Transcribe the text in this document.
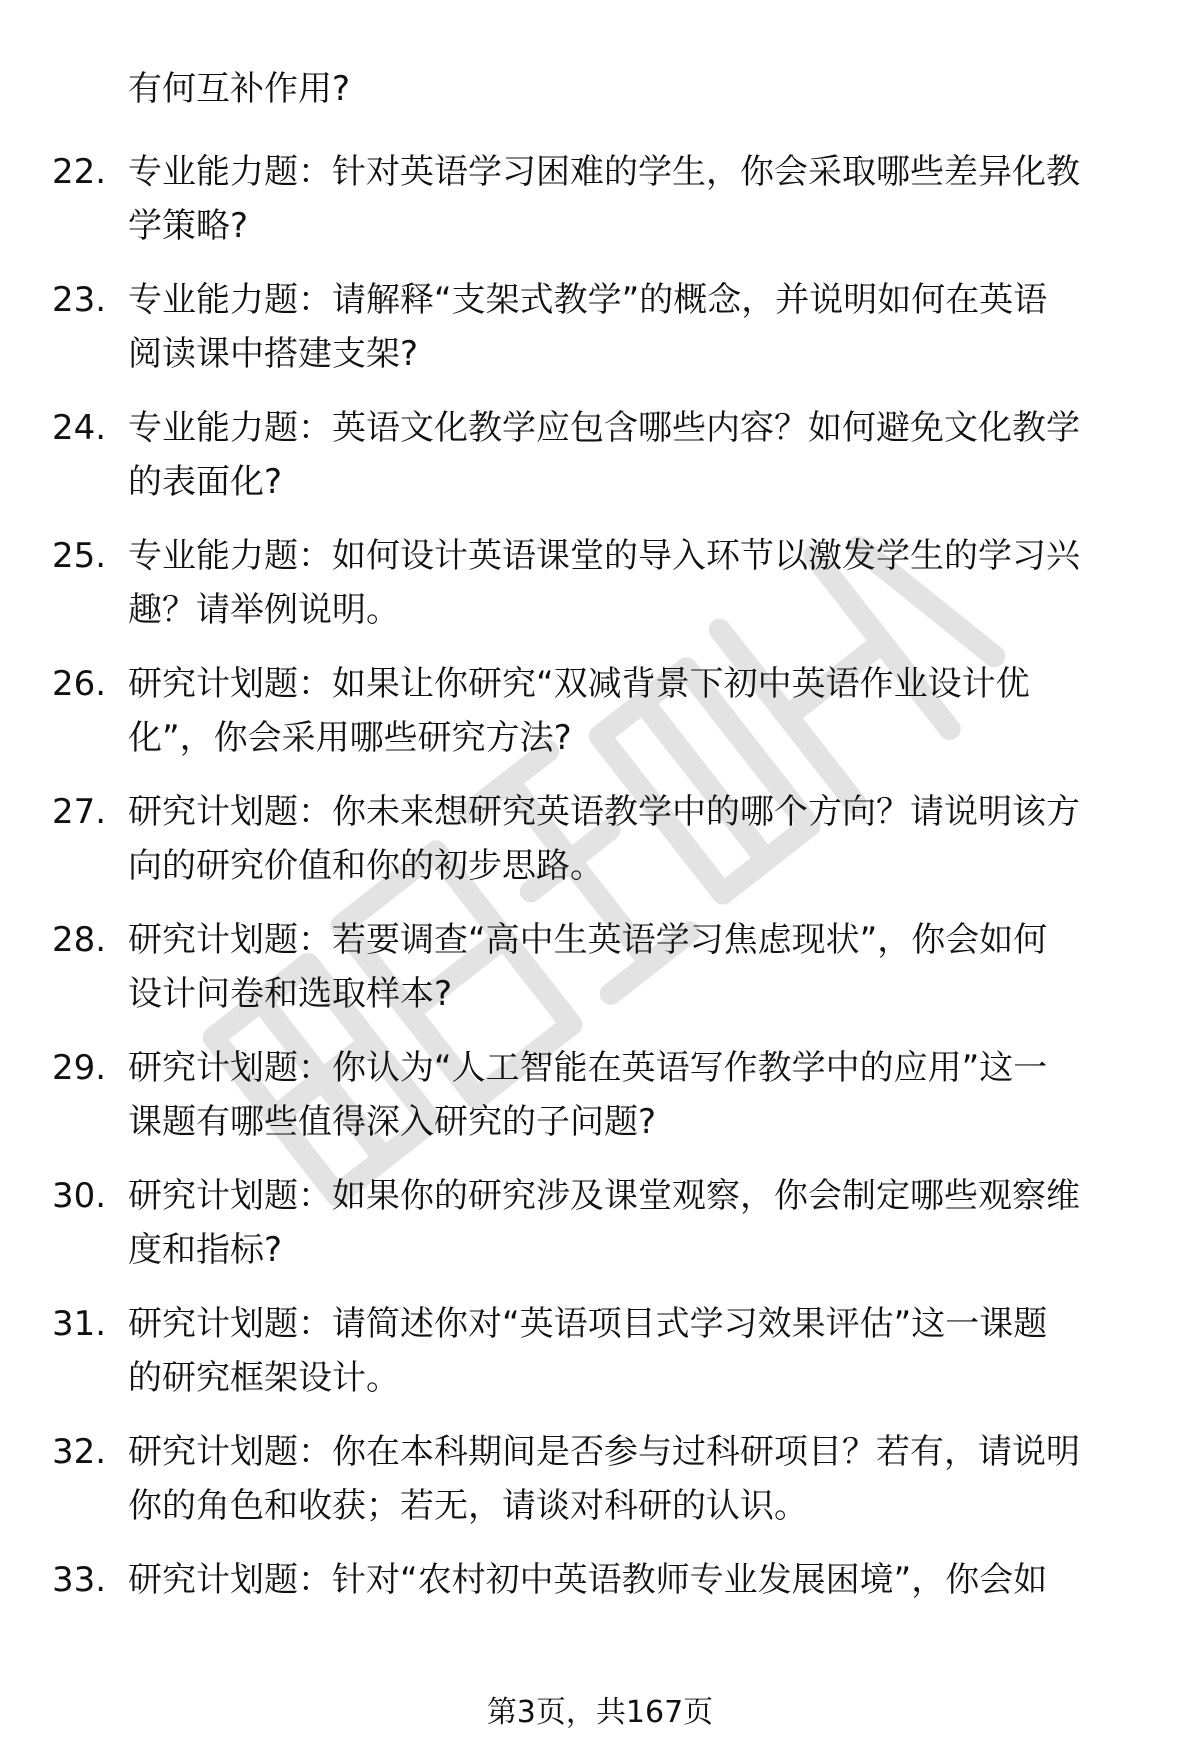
有何互补作用?
22. 专业能力题：针对英语学习困难的学生，你会采取哪些差异化教
学策略?
23. 专业能力题：请解释“支架式教学”的概念，并说明如何在英语
阅读课中搭建支架?
24. 专业能力题：英语文化教学应包含哪些内容？如何避免文化教学
的表面化?
25. 专业能力题：如何设计英语课堂的导入环节以激发学生的学习兴
趣？请举例说明。
26. 研究计划题：如果让你研究“双减背景下初中英语作业设计优
化”，你会采用哪些研究方法?
27. 研究计划题：你未来想研究英语教学中的哪个方向？请说明该方
向的研究价值和你的初步思路。
28. 研究计划题：若要调查“高中生英语学习焦虑现状”，你会如何
设计问卷和选取样本?
29. 研究计划题：你认为“人工智能在英语写作教学中的应用”这一
课题有哪些值得深入研究的子问题?
30. 研究计划题：如果你的研究涉及课堂观察，你会制定哪些观察维
度和指标?
31. 研究计划题：请简述你对“英语项目式学习效果评估”这一课题
的研究框架设计。
32. 研究计划题：你在本科期间是否参与过科研项目？若有，请说明
你的角色和收获；若无，请谈对科研的认识。
33. 研究计划题：针对“农村初中英语教师专业发展困境”，你会如
第3页，共167页
